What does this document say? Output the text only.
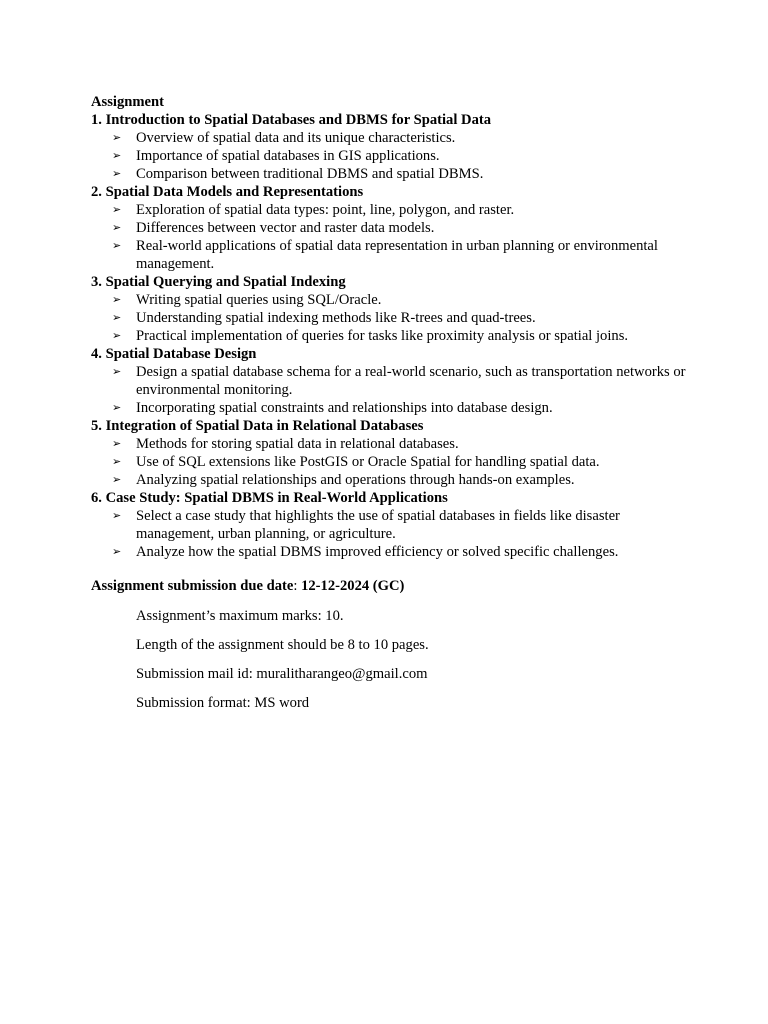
Assignment
1. Introduction to Spatial Databases and DBMS for Spatial Data
➢ Overview of spatial data and its unique characteristics.
➢ Importance of spatial databases in GIS applications.
➢ Comparison between traditional DBMS and spatial DBMS.
2. Spatial Data Models and Representations
➢ Exploration of spatial data types: point, line, polygon, and raster.
➢ Differences between vector and raster data models.
➢ Real-world applications of spatial data representation in urban planning or environmental management.
3. Spatial Querying and Spatial Indexing
➢ Writing spatial queries using SQL/Oracle.
➢ Understanding spatial indexing methods like R-trees and quad-trees.
➢ Practical implementation of queries for tasks like proximity analysis or spatial joins.
4. Spatial Database Design
➢ Design a spatial database schema for a real-world scenario, such as transportation networks or environmental monitoring.
➢ Incorporating spatial constraints and relationships into database design.
5. Integration of Spatial Data in Relational Databases
➢ Methods for storing spatial data in relational databases.
➢ Use of SQL extensions like PostGIS or Oracle Spatial for handling spatial data.
➢ Analyzing spatial relationships and operations through hands-on examples.
6. Case Study: Spatial DBMS in Real-World Applications
➢ Select a case study that highlights the use of spatial databases in fields like disaster management, urban planning, or agriculture.
➢ Analyze how the spatial DBMS improved efficiency or solved specific challenges.
Assignment submission due date: 12-12-2024 (GC)

Assignment’s maximum marks: 10.

Length of the assignment should be 8 to 10 pages.

Submission mail id: muralitharangeo@gmail.com

Submission format: MS word
